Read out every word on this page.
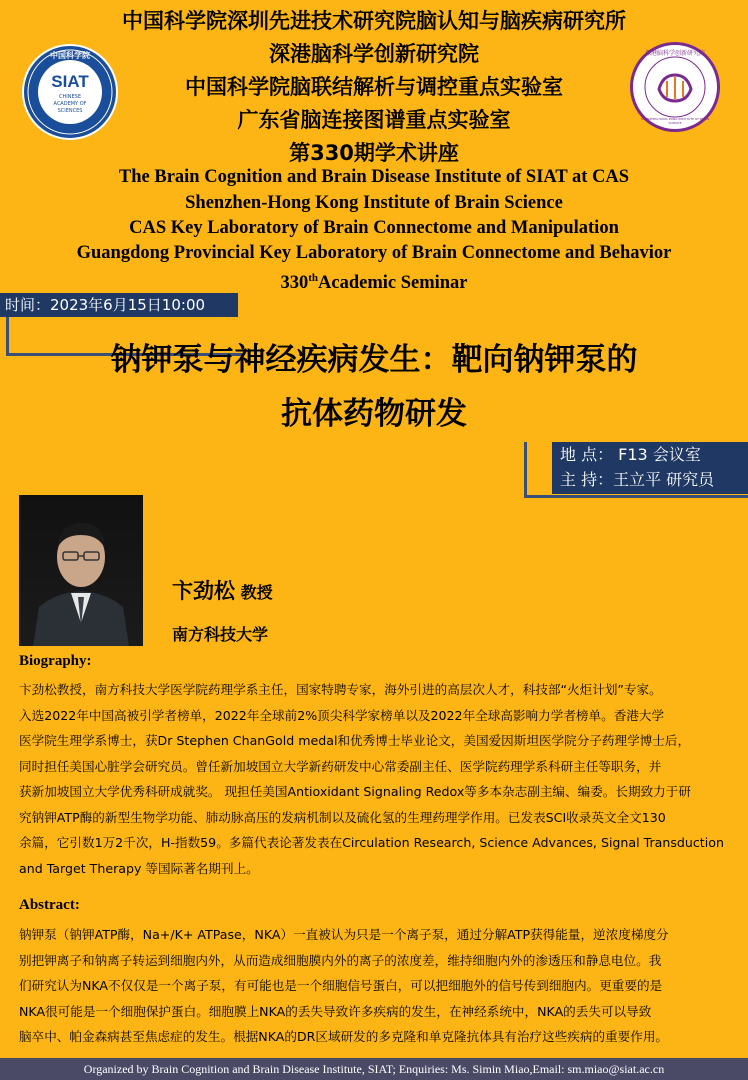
中国科学院
SIAT
CHINESE
ACADEMY OF
SCIENCES
深港脑科学创新研究院
SHENZHEN-HONG KONG INSTITUTE OF BRAIN SCIENCE
中国科学院深圳先进技术研究院脑认知与脑疾病研究所
深港脑科学创新研究院
中国科学院脑联结解析与调控重点实验室
广东省脑连接图谱重点实验室
第330期学术讲座
The Brain Cognition and Brain Disease Institute of SIAT at CAS
Shenzhen-Hong Kong Institute of Brain Science
CAS Key Laboratory of Brain Connectome and Manipulation
Guangdong Provincial Key Laboratory of Brain Connectome and Behavior
330thAcademic Seminar
时间：2023年6月15日10:00
钠钾泵与神经疾病发生：靶向钠钾泵的
抗体药物研发
地 点： F13 会议室
主 持：王立平 研究员
卞劲松 教授
南方科技大学
Biography:
卞劲松教授，南方科技大学医学院药理学系主任，国家特聘专家，海外引进的高层次人才，科技部“火炬计划”专家。
入选2022年中国高被引学者榜单，2022年全球前2%顶尖科学家榜单以及2022年全球高影响力学者榜单。香港大学
医学院生理学系博士，获Dr Stephen ChanGold medal和优秀博士毕业论文，美国爱因斯坦医学院分子药理学博士后，
同时担任美国心脏学会研究员。曾任新加坡国立大学新药研发中心常委副主任、医学院药理学系科研主任等职务，并
获新加坡国立大学优秀科研成就奖。 现担任美国Antioxidant Signaling Redox等多本杂志副主编、编委。长期致力于研
究钠钾ATP酶的新型生物学功能、肺动脉高压的发病机制以及硫化氢的生理药理学作用。已发表SCI收录英文全文130
余篇，它引数1万2千次，H-指数59。多篇代表论著发表在Circulation Research, Science Advances, Signal Transduction
and Target Therapy 等国际著名期刊上。
Abstract:
钠钾泵（钠钾ATP酶，Na+/K+ ATPase，NKA）一直被认为只是一个离子泵，通过分解ATP获得能量，逆浓度梯度分
别把钾离子和钠离子转运到细胞内外，从而造成细胞膜内外的离子的浓度差，维持细胞内外的渗透压和静息电位。我
们研究认为NKA不仅仅是一个离子泵，有可能也是一个细胞信号蛋白，可以把细胞外的信号传到细胞内。更重要的是
NKA很可能是一个细胞保护蛋白。细胞膜上NKA的丢失导致许多疾病的发生，在神经系统中，NKA的丢失可以导致
脑卒中、帕金森病甚至焦虑症的发生。根据NKA的DR区域研发的多克隆和单克隆抗体具有治疗这些疾病的重要作用。
Organized by Brain Cognition and Brain Disease Institute, SIAT; Enquiries: Ms. Simin Miao,Email: sm.miao@siat.ac.cn
